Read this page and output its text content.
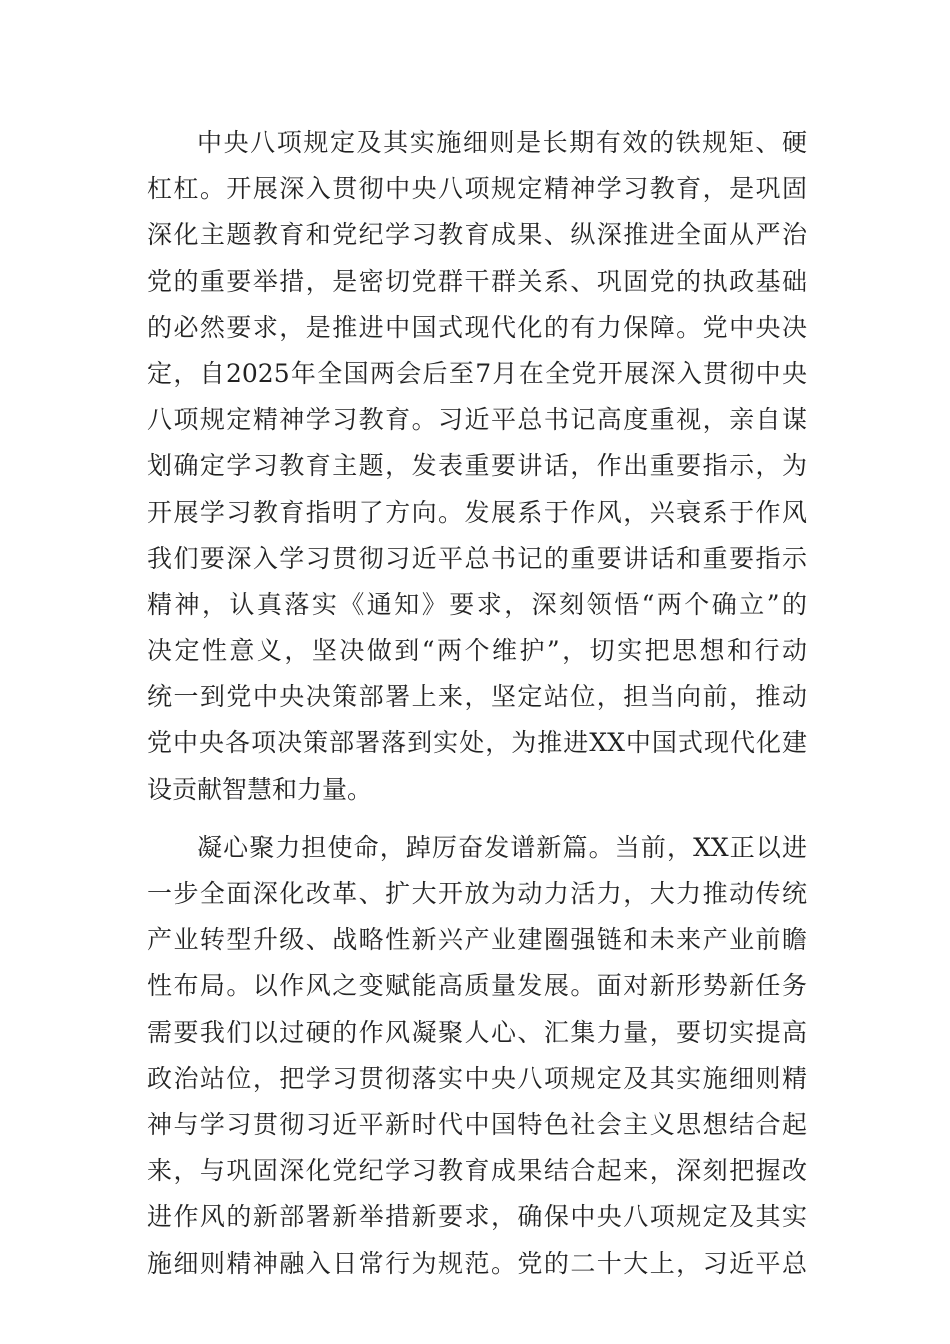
中央八项规定及其实施细则是长期有效的铁规矩、硬
杠杠。开展深入贯彻中央八项规定精神学习教育，是巩固
深化主题教育和党纪学习教育成果、纵深推进全面从严治
党的重要举措，是密切党群干群关系、巩固党的执政基础
的必然要求，是推进中国式现代化的有力保障。党中央决
定，自2025年全国两会后至7月在全党开展深入贯彻中央
八项规定精神学习教育。习近平总书记高度重视，亲自谋
划确定学习教育主题，发表重要讲话，作出重要指示，为
开展学习教育指明了方向。发展系于作风，兴衰系于作风
我们要深入学习贯彻习近平总书记的重要讲话和重要指示
精神，认真落实《通知》要求，深刻领悟“两个确立”的
决定性意义，坚决做到“两个维护”，切实把思想和行动
统一到党中央决策部署上来，坚定站位，担当向前，推动
党中央各项决策部署落到实处，为推进XX中国式现代化建
设贡献智慧和力量。
凝心聚力担使命，踔厉奋发谱新篇。当前，XX正以进
一步全面深化改革、扩大开放为动力活力，大力推动传统
产业转型升级、战略性新兴产业建圈强链和未来产业前瞻
性布局。以作风之变赋能高质量发展。面对新形势新任务
需要我们以过硬的作风凝聚人心、汇集力量，要切实提高
政治站位，把学习贯彻落实中央八项规定及其实施细则精
神与学习贯彻习近平新时代中国特色社会主义思想结合起
来，与巩固深化党纪学习教育成果结合起来，深刻把握改
进作风的新部署新举措新要求，确保中央八项规定及其实
施细则精神融入日常行为规范。党的二十大上，习近平总
